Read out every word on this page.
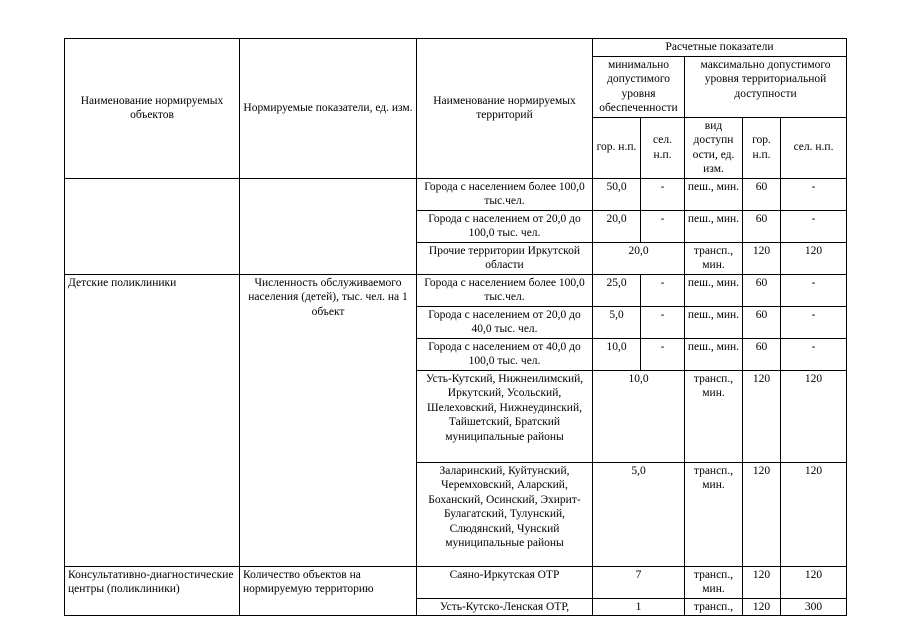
Наименование нормируемых объектов	Нормируемые показатели, ед. изм.	Наименование нормируемых территорий	Расчетные показатели				
			минимально допустимого уровня обеспеченности		максимально допустимого уровня территориальной доступности		
			гор. н.п.	сел. н.п.	вид доступн ости, ед. изм.	гор. н.п.	сел. н.п.
		Города с населением более 100,0 тыс.чел.	50,0	-	пеш., мин.	60	-
		Города с населением от 20,0 до 100,0 тыс. чел.	20,0	-	пеш., мин.	60	-
		Прочие территории Иркутской области	20,0		трансп., мин.	120	120
Детские поликлиники	Численность обслуживаемого населения (детей), тыс. чел. на 1 объект	Города с населением более 100,0 тыс.чел.	25,0	-	пеш., мин.	60	-
		Города с населением от 20,0 до 40,0 тыс. чел.	5,0	-	пеш., мин.	60	-
		Города с населением от 40,0 до 100,0 тыс. чел.	10,0	-	пеш., мин.	60	-
		Усть-Кутский, Нижнеилимский, Иркутский, Усольский, Шелеховский, Нижнеудинский, Тайшетский, Братский муниципальные районы	10,0		трансп., мин.	120	120
		Заларинский, Куйтунский, Черемховский, Аларский, Боханский, Осинский, Эхирит-Булагатский, Тулунский, Слюдянский, Чунский муниципальные районы	5,0		трансп., мин.	120	120
Консультативно-диагностические центры (поликлиники)	Количество объектов на нормируемую территорию	Саяно-Иркутская ОТР	7		трансп., мин.	120	120
		Усть-Кутско-Ленская ОТР,	1		трансп.,	120	300
